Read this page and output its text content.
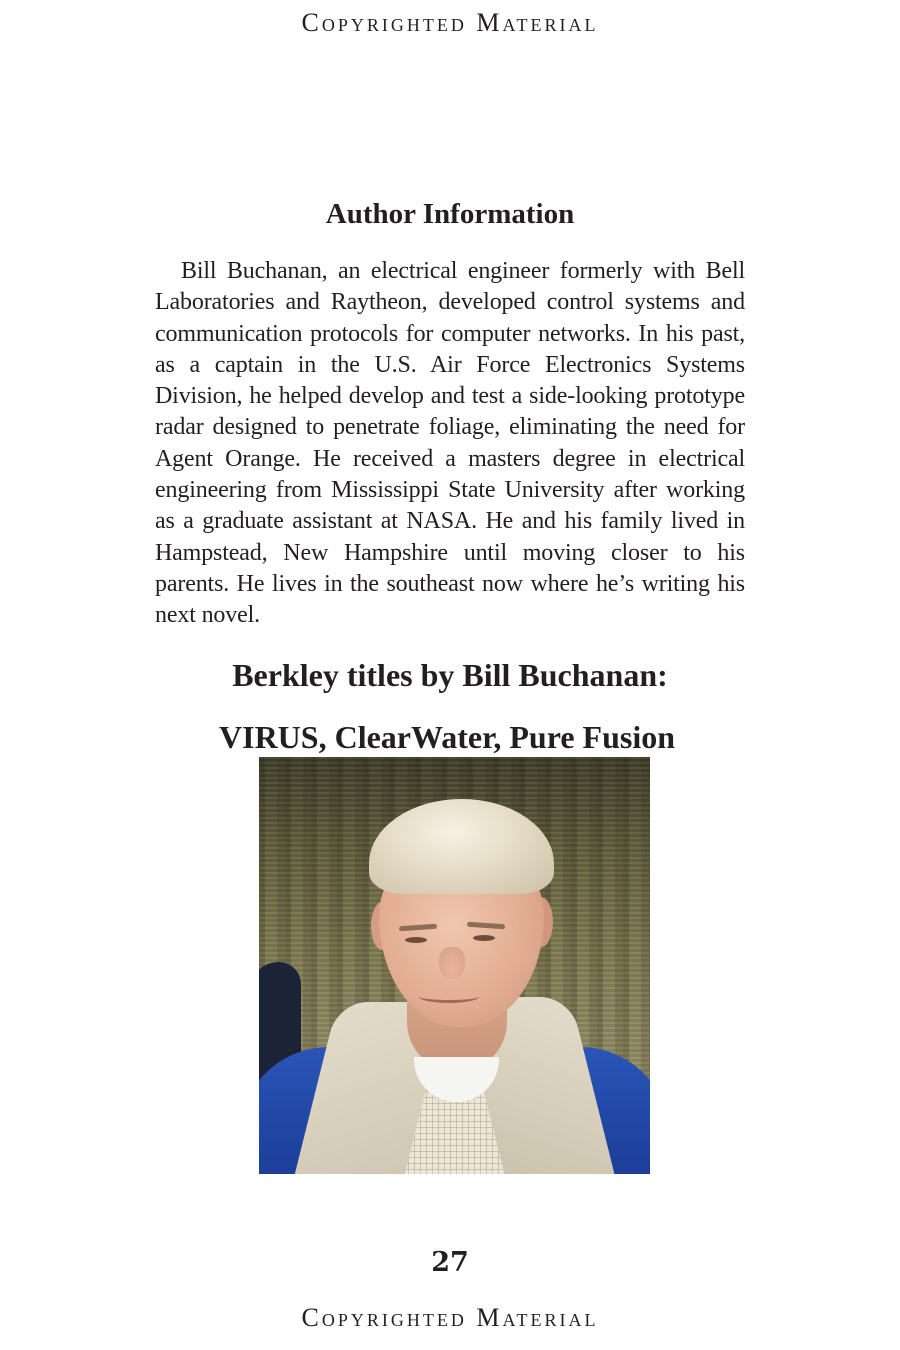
Copyrighted Material
Author Information

Bill Buchanan, an electrical engineer formerly with Bell Laboratories and Raytheon, developed control systems and communication protocols for computer networks. In his past, as a captain in the U.S. Air Force Electronics Systems Division, he helped develop and test a side-looking prototype radar designed to penetrate foliage, eliminating the need for Agent Orange. He received a masters degree in electrical engineering from Mississippi State University after working as a graduate assistant at NASA. He and his family lived in Hampstead, New Hampshire until moving closer to his parents. He lives in the southeast now where he’s writing his next novel.

Berkley titles by Bill Buchanan:
VIRUS, ClearWater, Pure Fusion
27
Copyrighted Material
